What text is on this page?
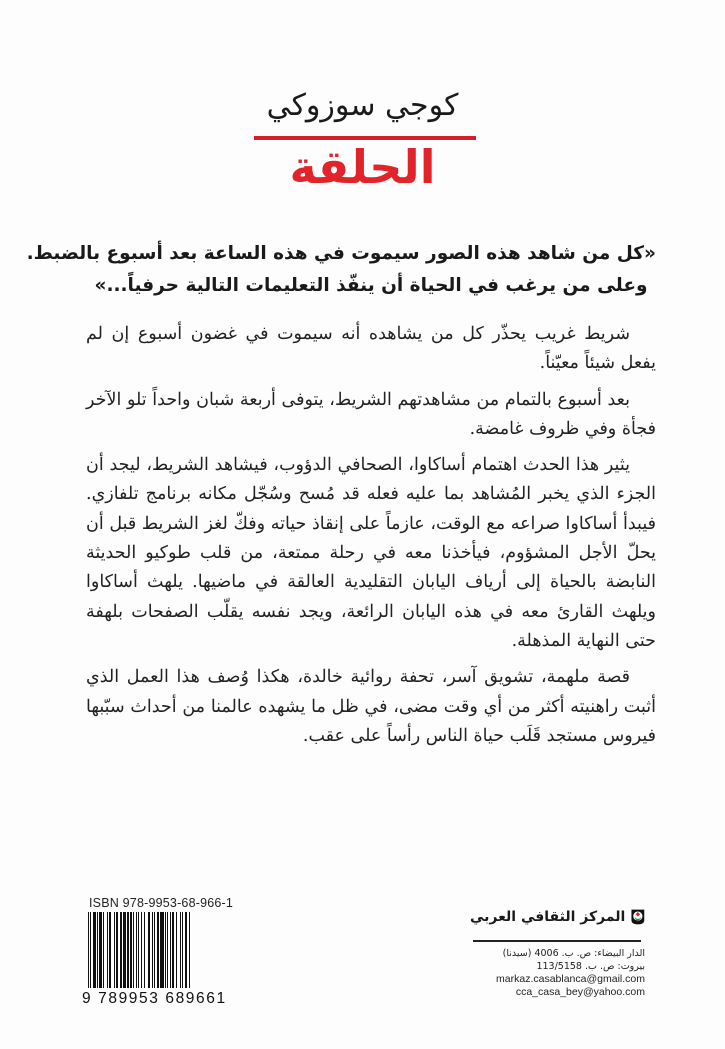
كوجي سوزوكي
الحلقة
«كل من شاهد هذه الصور سيموت في هذه الساعة بعد أسبوع بالضبط.
وعلى من يرغب في الحياة أن ينفّذ التعليمات التالية حرفياً...»

شريط غريب يحذّر كل من يشاهده أنه سيموت في غضون أسبوع إن لم يفعل شيئاً معيّناً.

بعد أسبوع بالتمام من مشاهدتهم الشريط، يتوفى أربعة شبان واحداً تلو الآخر فجأة وفي ظروف غامضة.

يثير هذا الحدث اهتمام أساكاوا، الصحافي الدؤوب، فيشاهد الشريط، ليجد أن الجزء الذي يخبر المُشاهد بما عليه فعله قد مُسح وسُجّل مكانه برنامج تلفازي. فيبدأ أساكاوا صراعه مع الوقت، عازماً على إنقاذ حياته وفكّ لغز الشريط قبل أن يحلّ الأجل المشؤوم، فيأخذنا معه في رحلة ممتعة، من قلب طوكيو الحديثة النابضة بالحياة إلى أرياف اليابان التقليدية العالقة في ماضيها. يلهث أساكاوا ويلهث القارئ معه في هذه اليابان الرائعة، ويجد نفسه يقلّب الصفحات بلهفة حتى النهاية المذهلة.

قصة ملهمة، تشويق آسر، تحفة روائية خالدة، هكذا وُصف هذا العمل الذي أثبت راهنيته أكثر من أي وقت مضى، في ظل ما يشهده عالمنا من أحداث سبّبها فيروس مستجد قَلَب حياة الناس رأساً على عقب.

ISBN 978-9953-68-966-1
9 789953 689661
المركز الثقافي العربي
الدار البيضاء: ص. ب. 4006 (سيدنا)
بيروت: ص. ب. 113/5158
markaz.casablanca@gmail.com
cca_casa_bey@yahoo.com
